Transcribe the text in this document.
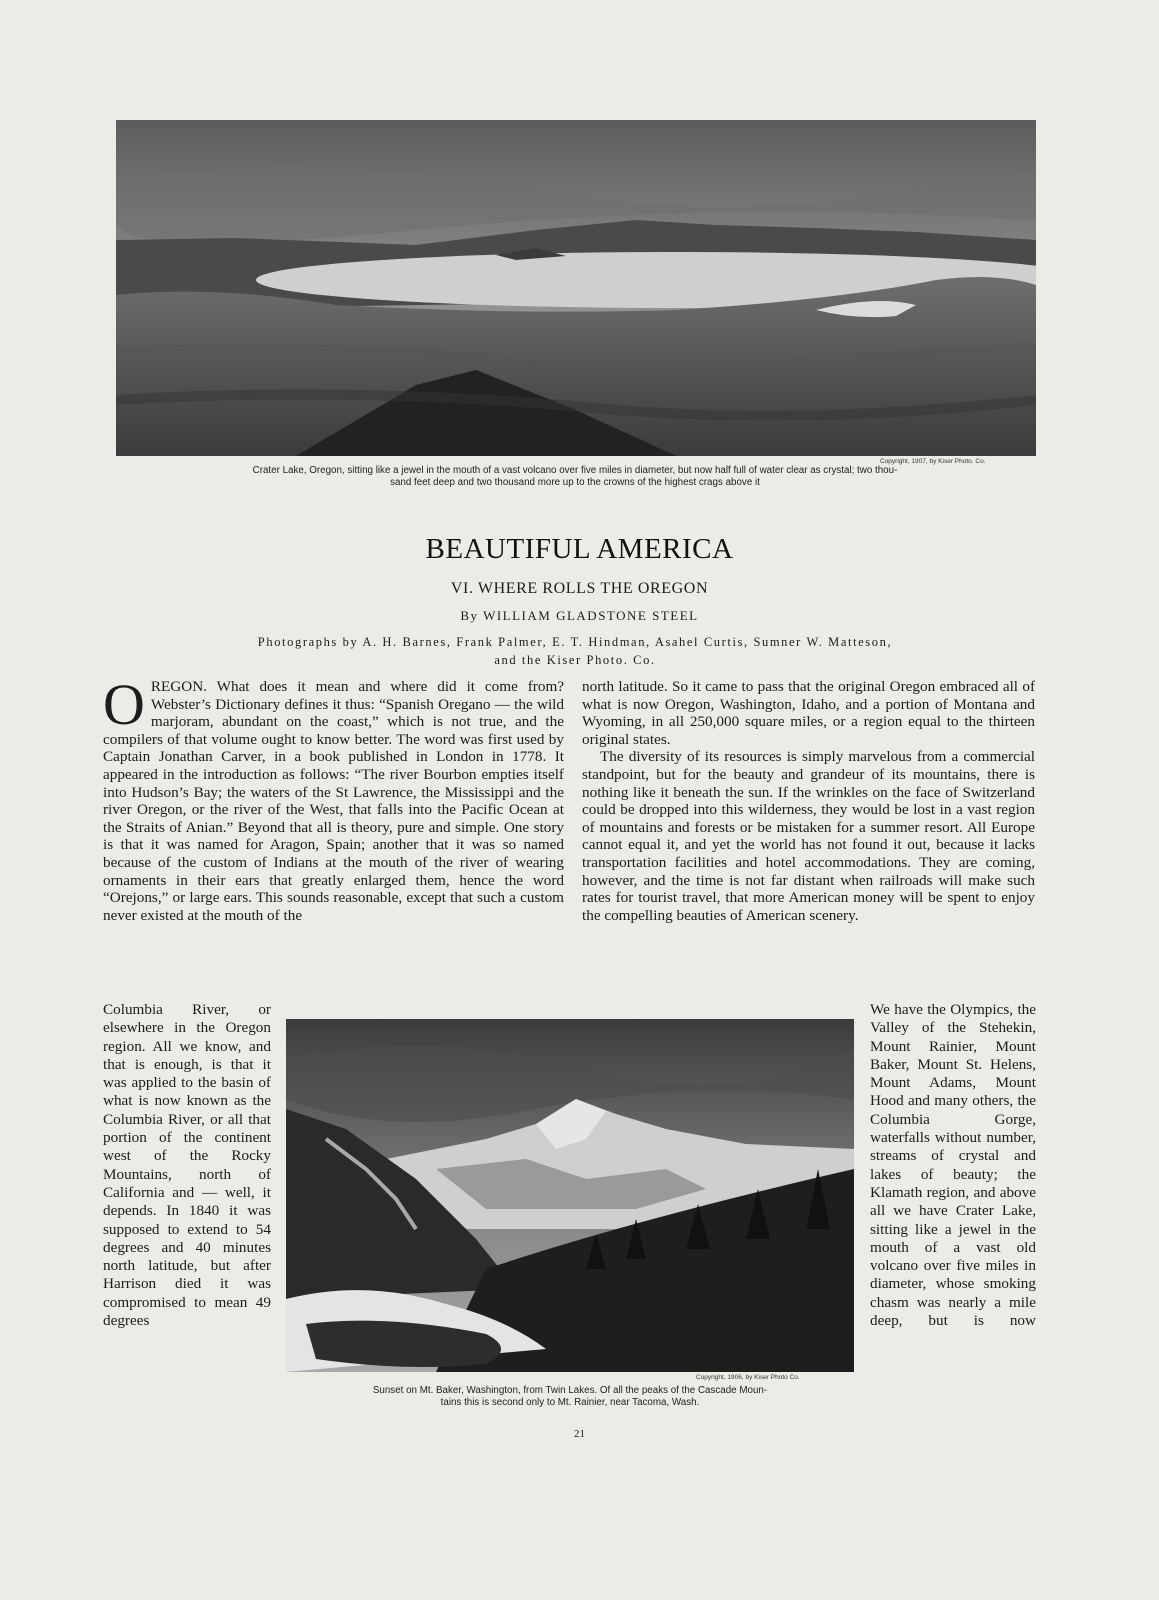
Copyright, 1907, by Kiser Photo. Co.
Crater Lake, Oregon, sitting like a jewel in the mouth of a vast volcano over five miles in diameter, but now half full of water clear as crystal; two thou-
sand feet deep and two thousand more up to the crowns of the highest crags above it
BEAUTIFUL AMERICA
VI. WHERE ROLLS THE OREGON
By WILLIAM GLADSTONE STEEL
Photographs by A. H. Barnes, Frank Palmer, E. T. Hindman, Asahel Curtis, Sumner W. Matteson,
and the Kiser Photo. Co.

OREGON. What does it mean and where did it come from? Webster’s Dictionary defines it thus: “Spanish Oregano — the wild marjoram, abundant on the coast,” which is not true, and the compilers of that volume ought to know better. The word was first used by Captain Jonathan Carver, in a book published in London in 1778. It appeared in the introduction as follows: “The river Bourbon empties itself into Hudson’s Bay; the waters of the St Lawrence, the Mississippi and the river Oregon, or the river of the West, that falls into the Pacific Ocean at the Straits of Anian.” Beyond that all is theory, pure and simple. One story is that it was named for Aragon, Spain; another that it was so named because of the custom of Indians at the mouth of the river of wearing ornaments in their ears that greatly enlarged them, hence the word “Orejons,” or large ears. This sounds reasonable, except that such a custom never existed at the mouth of the

north latitude. So it came to pass that the original Oregon embraced all of what is now Oregon, Washington, Idaho, and a portion of Montana and Wyoming, in all 250,000 square miles, or a region equal to the thirteen original states.

The diversity of its resources is simply marvelous from a commercial standpoint, but for the beauty and grandeur of its mountains, there is nothing like it beneath the sun. If the wrinkles on the face of Switzerland could be dropped into this wilderness, they would be lost in a vast region of mountains and forests or be mistaken for a summer resort. All Europe cannot equal it, and yet the world has not found it out, because it lacks transportation facilities and hotel accommodations. They are coming, however, and the time is not far distant when railroads will make such rates for tourist travel, that more American money will be spent to enjoy the compelling beauties of American scenery.

Columbia River, or elsewhere in the Oregon region. All we know, and that is enough, is that it was applied to the basin of what is now known as the Columbia River, or all that portion of the continent west of the Rocky Mountains, north of California and — well, it depends. In 1840 it was supposed to extend to 54 degrees and 40 minutes north latitude, but after Harrison died it was compromised to mean 49 degrees

Copyright, 1906, by Kiser Photo Co.
Sunset on Mt. Baker, Washington, from Twin Lakes. Of all the peaks of the Cascade Moun-
tains this is second only to Mt. Rainier, near Tacoma, Wash.

We have the Olympics, the Valley of the Stehekin, Mount Rainier, Mount Baker, Mount St. Helens, Mount Adams, Mount Hood and many others, the Columbia Gorge, waterfalls without number, streams of crystal and lakes of beauty; the Klamath region, and above all we have Crater Lake, sitting like a jewel in the mouth of a vast old volcano over five miles in diameter, whose smoking chasm was nearly a mile deep, but is now

21
